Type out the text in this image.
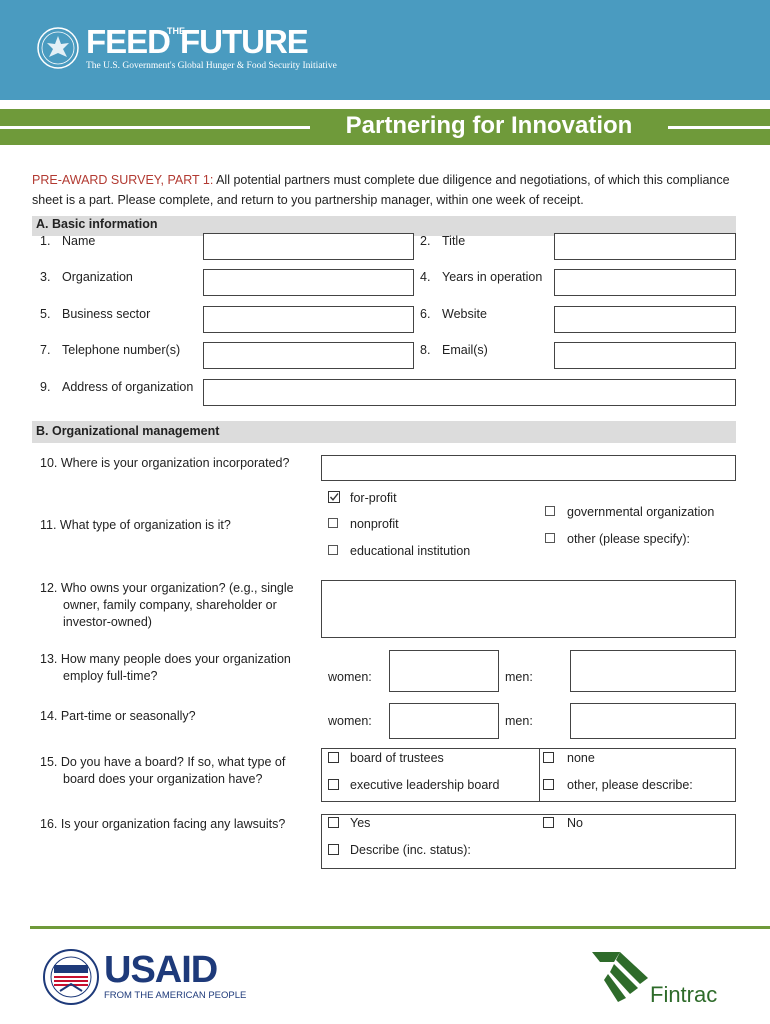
FEED
THE
FUTURE
The U.S. Government's Global Hunger & Food Security Initiative
Partnering for Innovation
PRE-AWARD SURVEY, PART 1: All potential partners must complete due diligence and negotiations, of which this compliance sheet is a part. Please complete, and return to you partnership manager, within one week of receipt.
A. Basic information
1. Name	2. Title
3. Organization	4. Years in operation
5. Business sector	6. Website
7. Telephone number(s)	8. Email(s)
9. Address of organization
B. Organizational management
10. Where is your organization incorporated?
11. What type of organization is it?
for-profit
nonprofit
educational institution
governmental organization
other (please specify):
12. Who owns your organization? (e.g., single owner, family company, shareholder or investor-owned)
13. How many people does your organization employ full-time?	women:	men:
14. Part-time or seasonally?	women:	men:
15. Do you have a board? If so, what type of board does your organization have?
board of trustees
executive leadership board
none
other, please describe:
16. Is your organization facing any lawsuits?	Yes	No
Describe (inc. status):
USAID
FROM THE AMERICAN PEOPLE	Fintrac
